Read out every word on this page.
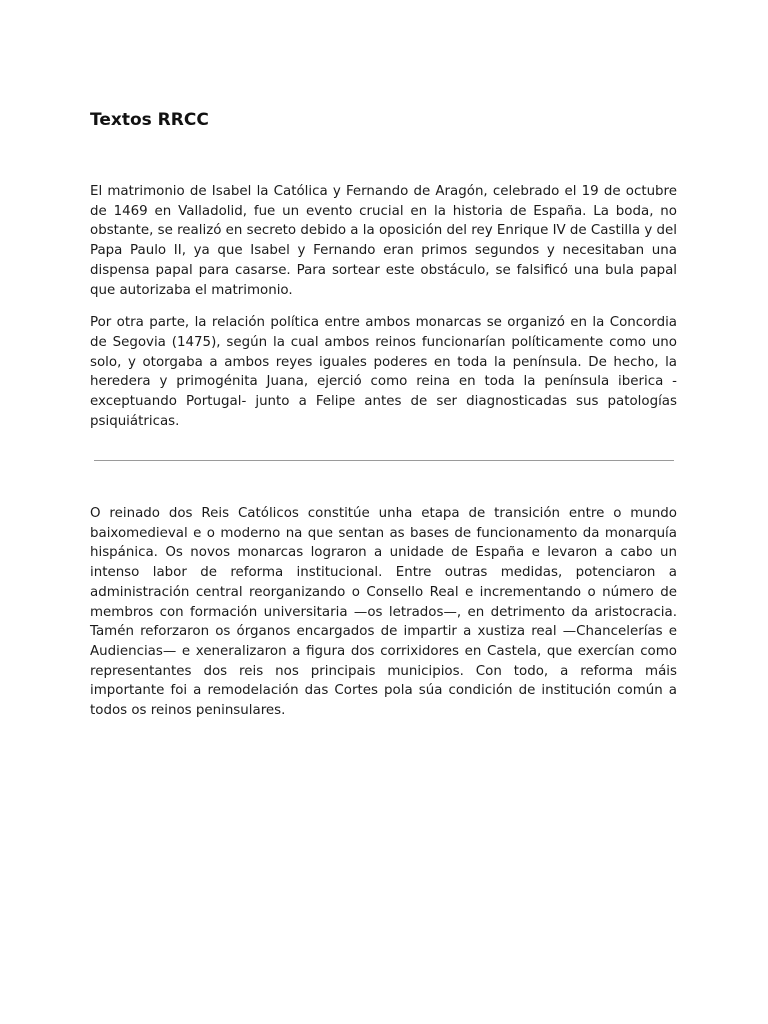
Textos RRCC

El matrimonio de Isabel la Católica y Fernando de Aragón, celebrado el 19 de octubre de 1469 en Valladolid, fue un evento crucial en la historia de España. La boda, no obstante, se realizó en secreto debido a la oposición del rey Enrique IV de Castilla y del Papa Paulo II, ya que Isabel y Fernando eran primos segundos y necesitaban una dispensa papal para casarse. Para sortear este obstáculo, se falsificó una bula papal que autorizaba el matrimonio.

Por otra parte, la relación política entre ambos monarcas se organizó en la Concordia de Segovia (1475), según la cual ambos reinos funcionarían políticamente como uno solo, y otorgaba a ambos reyes iguales poderes en toda la península. De hecho, la heredera y primogénita Juana, ejerció como reina en toda la península iberica -exceptuando Portugal- junto a Felipe antes de ser diagnosticadas sus patologías psiquiátricas.

O reinado dos Reis Católicos constitúe unha etapa de transición entre o mundo baixomedieval e o moderno na que sentan as bases de funcionamento da monarquía hispánica. Os novos monarcas lograron a unidade de España e levaron a cabo un intenso labor de reforma institucional. Entre outras medidas, potenciaron a administración central reorganizando o Consello Real e incrementando o número de membros con formación universitaria —os letrados—, en detrimento da aristocracia. Tamén reforzaron os órganos encargados de impartir a xustiza real —Chancelerías e Audiencias— e xeneralizaron a figura dos corrixidores en Castela, que exercían como representantes dos reis nos principais municipios. Con todo, a reforma máis importante foi a remodelación das Cortes pola súa condición de institución común a todos os reinos peninsulares.
